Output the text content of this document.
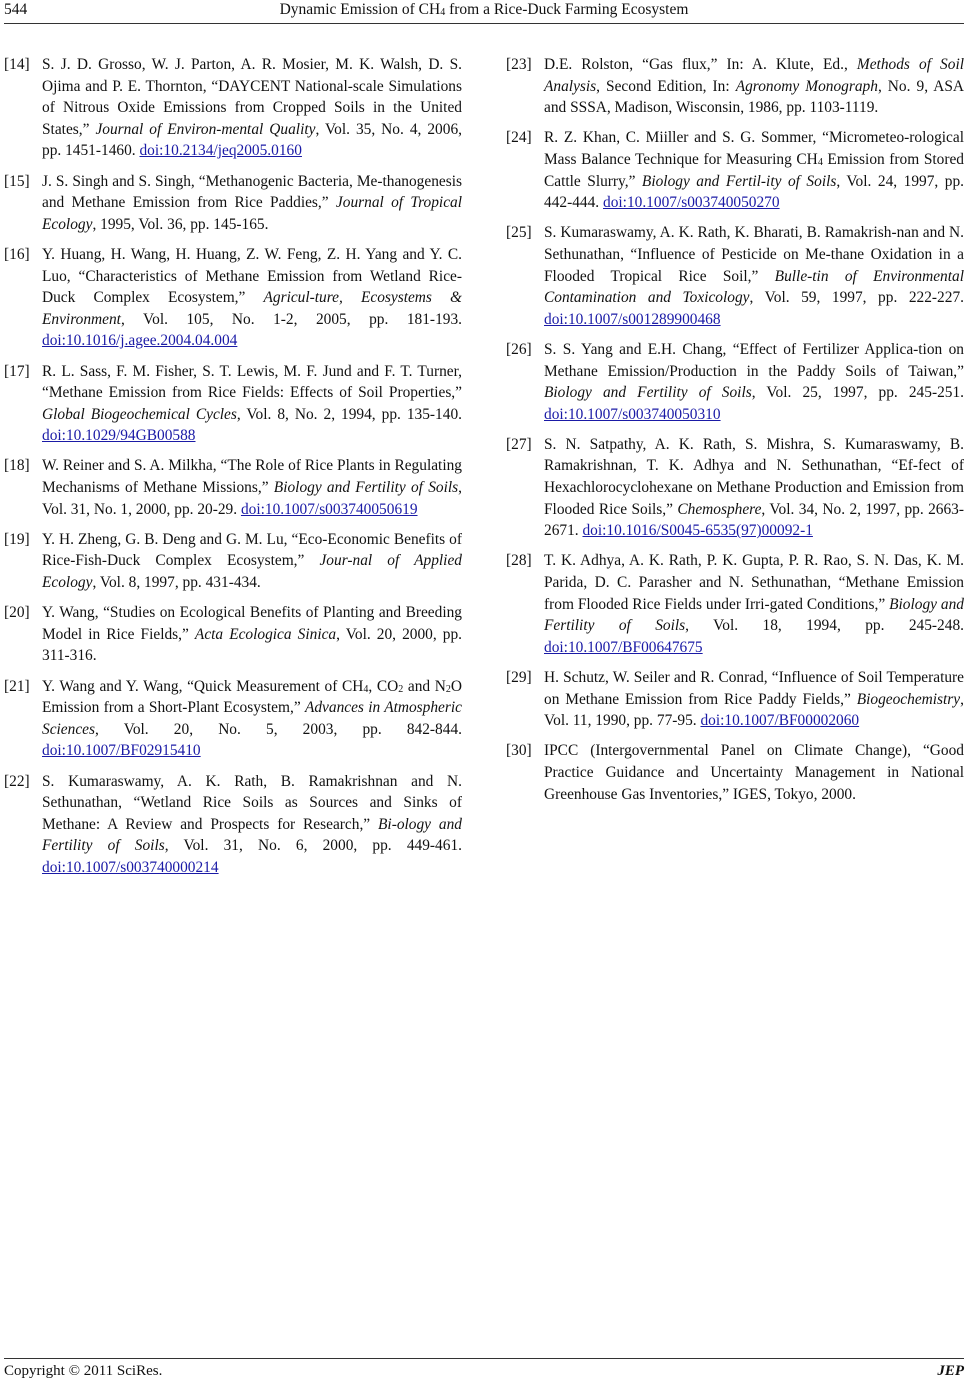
544	Dynamic Emission of $CH_4$ from a Rice-Duck Farming Ecosystem
[14] S. J. D. Grosso, W. J. Parton, A. R. Mosier, M. K. Walsh, D. S. Ojima and P. E. Thornton, “DAYCENT National-scale Simulations of Nitrous Oxide Emissions from Cropped Soils in the United States,” Journal of Environ-mental Quality, Vol. 35, No. 4, 2006, pp. 1451-1460. doi:10.2134/jeq2005.0160
[15] J. S. Singh and S. Singh, “Methanogenic Bacteria, Me-thanogenesis and Methane Emission from Rice Paddies,” Journal of Tropical Ecology, 1995, Vol. 36, pp. 145-165.
[16] Y. Huang, H. Wang, H. Huang, Z. W. Feng, Z. H. Yang and Y. C. Luo, “Characteristics of Methane Emission from Wetland Rice-Duck Complex Ecosystem,” Agricul-ture, Ecosystems & Environment, Vol. 105, No. 1-2, 2005, pp. 181-193. doi:10.1016/j.agee.2004.04.004
[17] R. L. Sass, F. M. Fisher, S. T. Lewis, M. F. Jund and F. T. Turner, “Methane Emission from Rice Fields: Effects of Soil Properties,” Global Biogeochemical Cycles, Vol. 8, No. 2, 1994, pp. 135-140. doi:10.1029/94GB00588
[18] W. Reiner and S. A. Milkha, “The Role of Rice Plants in Regulating Mechanisms of Methane Missions,” Biology and Fertility of Soils, Vol. 31, No. 1, 2000, pp. 20-29. doi:10.1007/s003740050619
[19] Y. H. Zheng, G. B. Deng and G. M. Lu, “Eco-Economic Benefits of Rice-Fish-Duck Complex Ecosystem,” Jour-nal of Applied Ecology, Vol. 8, 1997, pp. 431-434.
[20] Y. Wang, “Studies on Ecological Benefits of Planting and Breeding Model in Rice Fields,” Acta Ecologica Sinica, Vol. 20, 2000, pp. 311-316.
[21] Y. Wang and Y. Wang, “Quick Measurement of $CH_4$, $CO_2$ and $N_2O$ Emission from a Short-Plant Ecosystem,” Advances in Atmospheric Sciences, Vol. 20, No. 5, 2003, pp. 842-844. doi:10.1007/BF02915410
[22] S. Kumaraswamy, A. K. Rath, B. Ramakrishnan and N. Sethunathan, “Wetland Rice Soils as Sources and Sinks of Methane: A Review and Prospects for Research,” Bi-ology and Fertility of Soils, Vol. 31, No. 6, 2000, pp. 449-461. doi:10.1007/s003740000214
[23] D.E. Rolston, “Gas flux,” In: A. Klute, Ed., Methods of Soil Analysis, Second Edition, In: Agronomy Monograph, No. 9, ASA and SSSA, Madison, Wisconsin, 1986, pp. 1103-1119.
[24] R. Z. Khan, C. Miiller and S. G. Sommer, “Micrometeo-rological Mass Balance Technique for Measuring $CH_4$ Emission from Stored Cattle Slurry,” Biology and Fertil-ity of Soils, Vol. 24, 1997, pp. 442-444. doi:10.1007/s003740050270
[25] S. Kumaraswamy, A. K. Rath, K. Bharati, B. Ramakrish-nan and N. Sethunathan, “Influence of Pesticide on Me-thane Oxidation in a Flooded Tropical Rice Soil,” Bulle-tin of Environmental Contamination and Toxicology, Vol. 59, 1997, pp. 222-227. doi:10.1007/s001289900468
[26] S. S. Yang and E.H. Chang, “Effect of Fertilizer Applica-tion on Methane Emission/Production in the Paddy Soils of Taiwan,” Biology and Fertility of Soils, Vol. 25, 1997, pp. 245-251. doi:10.1007/s003740050310
[27] S. N. Satpathy, A. K. Rath, S. Mishra, S. Kumaraswamy, B. Ramakrishnan, T. K. Adhya and N. Sethunathan, “Ef-fect of Hexachlorocyclohexane on Methane Production and Emission from Flooded Rice Soils,” Chemosphere, Vol. 34, No. 2, 1997, pp. 2663-2671. doi:10.1016/S0045-6535(97)00092-1
[28] T. K. Adhya, A. K. Rath, P. K. Gupta, P. R. Rao, S. N. Das, K. M. Parida, D. C. Parasher and N. Sethunathan, “Methane Emission from Flooded Rice Fields under Irri-gated Conditions,” Biology and Fertility of Soils, Vol. 18, 1994, pp. 245-248. doi:10.1007/BF00647675
[29] H. Schutz, W. Seiler and R. Conrad, “Influence of Soil Temperature on Methane Emission from Rice Paddy Fields,” Biogeochemistry, Vol. 11, 1990, pp. 77-95. doi:10.1007/BF00002060
[30] IPCC (Intergovernmental Panel on Climate Change), “Good Practice Guidance and Uncertainty Management in National Greenhouse Gas Inventories,” IGES, Tokyo, 2000.
Copyright © 2011 SciRes.	JEP
